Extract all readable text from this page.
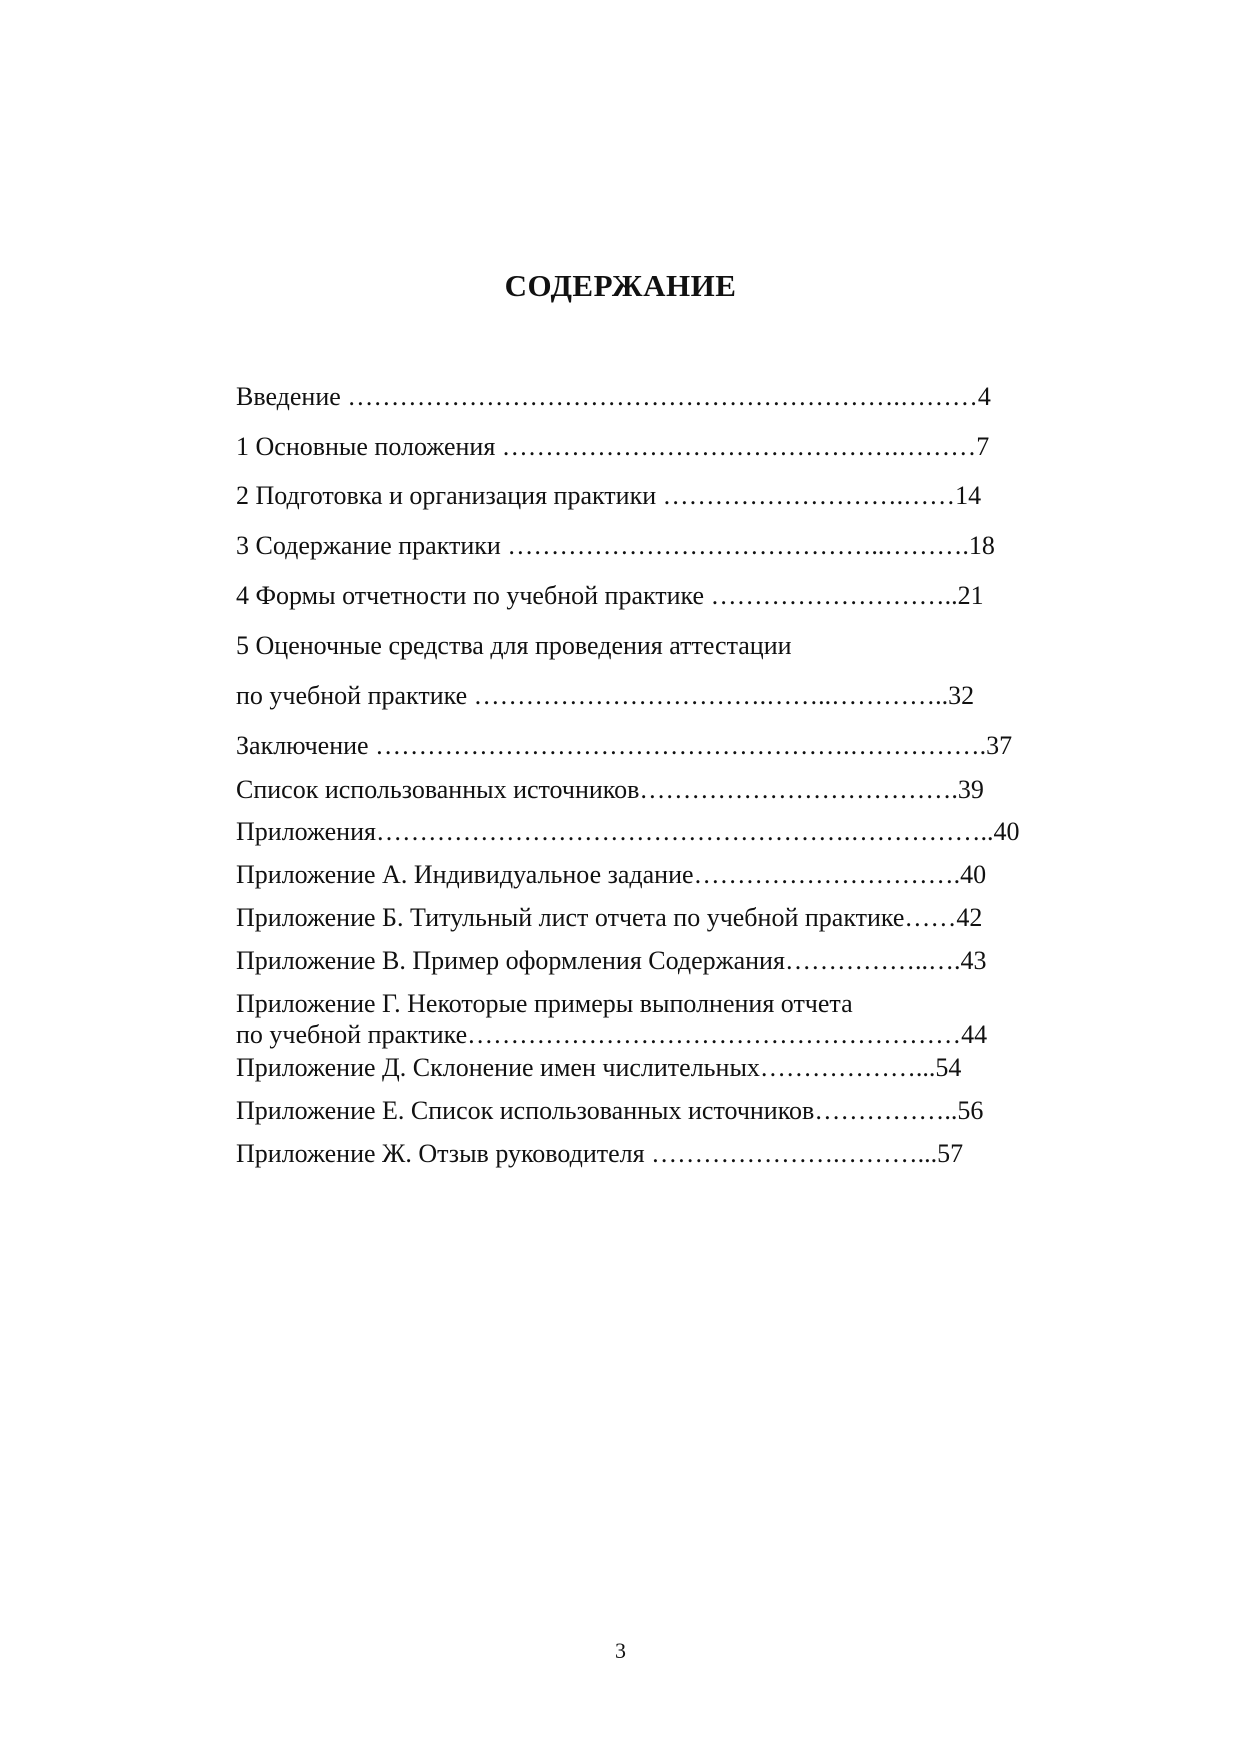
СОДЕРЖАНИЕ
Введение ……………………………………………………….………4
1 Основные положения ……………………………………….………7
2 Подготовка и организация практики ……………………….……14
3 Содержание практики ……………………………………..……….18
4 Формы отчетности по учебной практике ………………………..21
5 Оценочные средства для проведения аттестации
по учебной практике …………………………….……..…………..32
Заключение ……………………………………………….…………….37
Список использованных источников……………………………….39
Приложения……………………………………………….……………..40
Приложение А. Индивидуальное задание………………………….40
Приложение Б. Титульный лист отчета по учебной практике……42
Приложение В. Пример оформления Содержания……………..….43
Приложение Г. Некоторые примеры выполнения отчета
по учебной практике…………………………………………………44
Приложение Д. Склонение имен числительных………………...54
Приложение Е. Список использованных источников……………..56
Приложение Ж. Отзыв руководителя ………………….………...57
3
